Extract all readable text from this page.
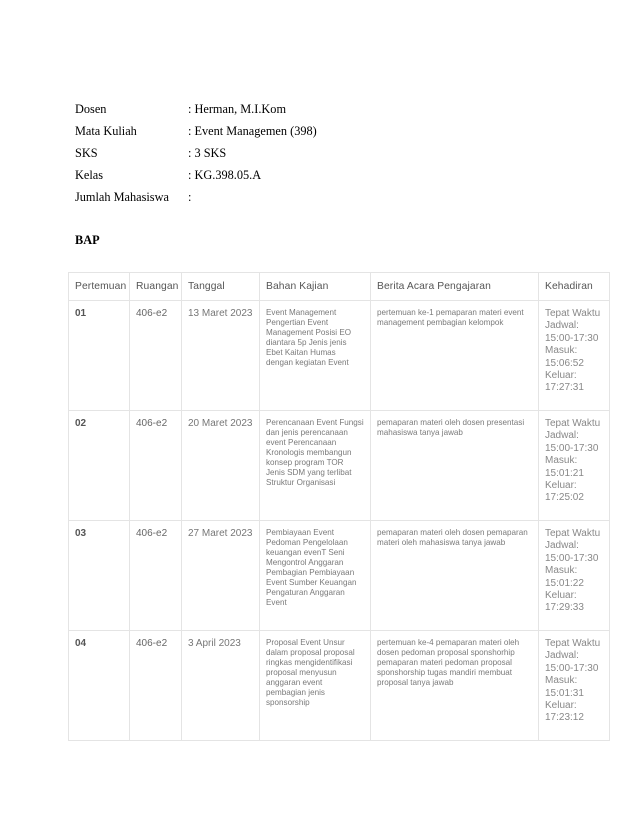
Dosen	: Herman, M.I.Kom
Mata Kuliah	: Event Managemen (398)
SKS	: 3 SKS
Kelas	: KG.398.05.A
Jumlah Mahasiswa :
BAP
Pertemuan	Ruangan	Tanggal	Bahan Kajian	Berita Acara Pengajaran	Kehadiran
01	406-e2	13 Maret 2023	Event Management Pengertian Event Management Posisi EO diantara 5p Jenis jenis Ebet Kaitan Humas dengan kegiatan Event	pertemuan ke-1 pemaparan materi event management pembagian kelompok	Tepat Waktu
Jadwal: 15:00-17:30
Masuk: 15:06:52
Keluar: 17:27:31

02	406-e2	20 Maret 2023	Perencanaan Event Fungsi dan jenis perencanaan event Perencanaan Kronologis membangun konsep program TOR Jenis SDM yang terlibat Struktur Organisasi	pemaparan materi oleh dosen presentasi mahasiswa tanya jawab	Tepat Waktu
Jadwal: 15:00-17:30
Masuk: 15:01:21
Keluar: 17:25:02

03	406-e2	27 Maret 2023	Pembiayaan Event Pedoman Pengelolaan keuangan evenT Seni Mengontrol Anggaran Pembagian Pembiayaan Event Sumber Keuangan Pengaturan Anggaran Event	pemaparan materi oleh dosen pemaparan materi oleh mahasiswa tanya jawab	Tepat Waktu
Jadwal: 15:00-17:30
Masuk: 15:01:22
Keluar: 17:29:33

04	406-e2	3 April 2023	Proposal Event Unsur dalam proposal proposal ringkas mengidentifikasi proposal menyusun anggaran event pembagian jenis sponsorship	pertemuan ke-4 pemaparan materi oleh dosen pedoman proposal sponshorhip pemaparan materi pedoman proposal sponshorship tugas mandiri membuat proposal tanya jawab	Tepat Waktu
Jadwal: 15:00-17:30
Masuk: 15:01:31
Keluar: 17:23:12
